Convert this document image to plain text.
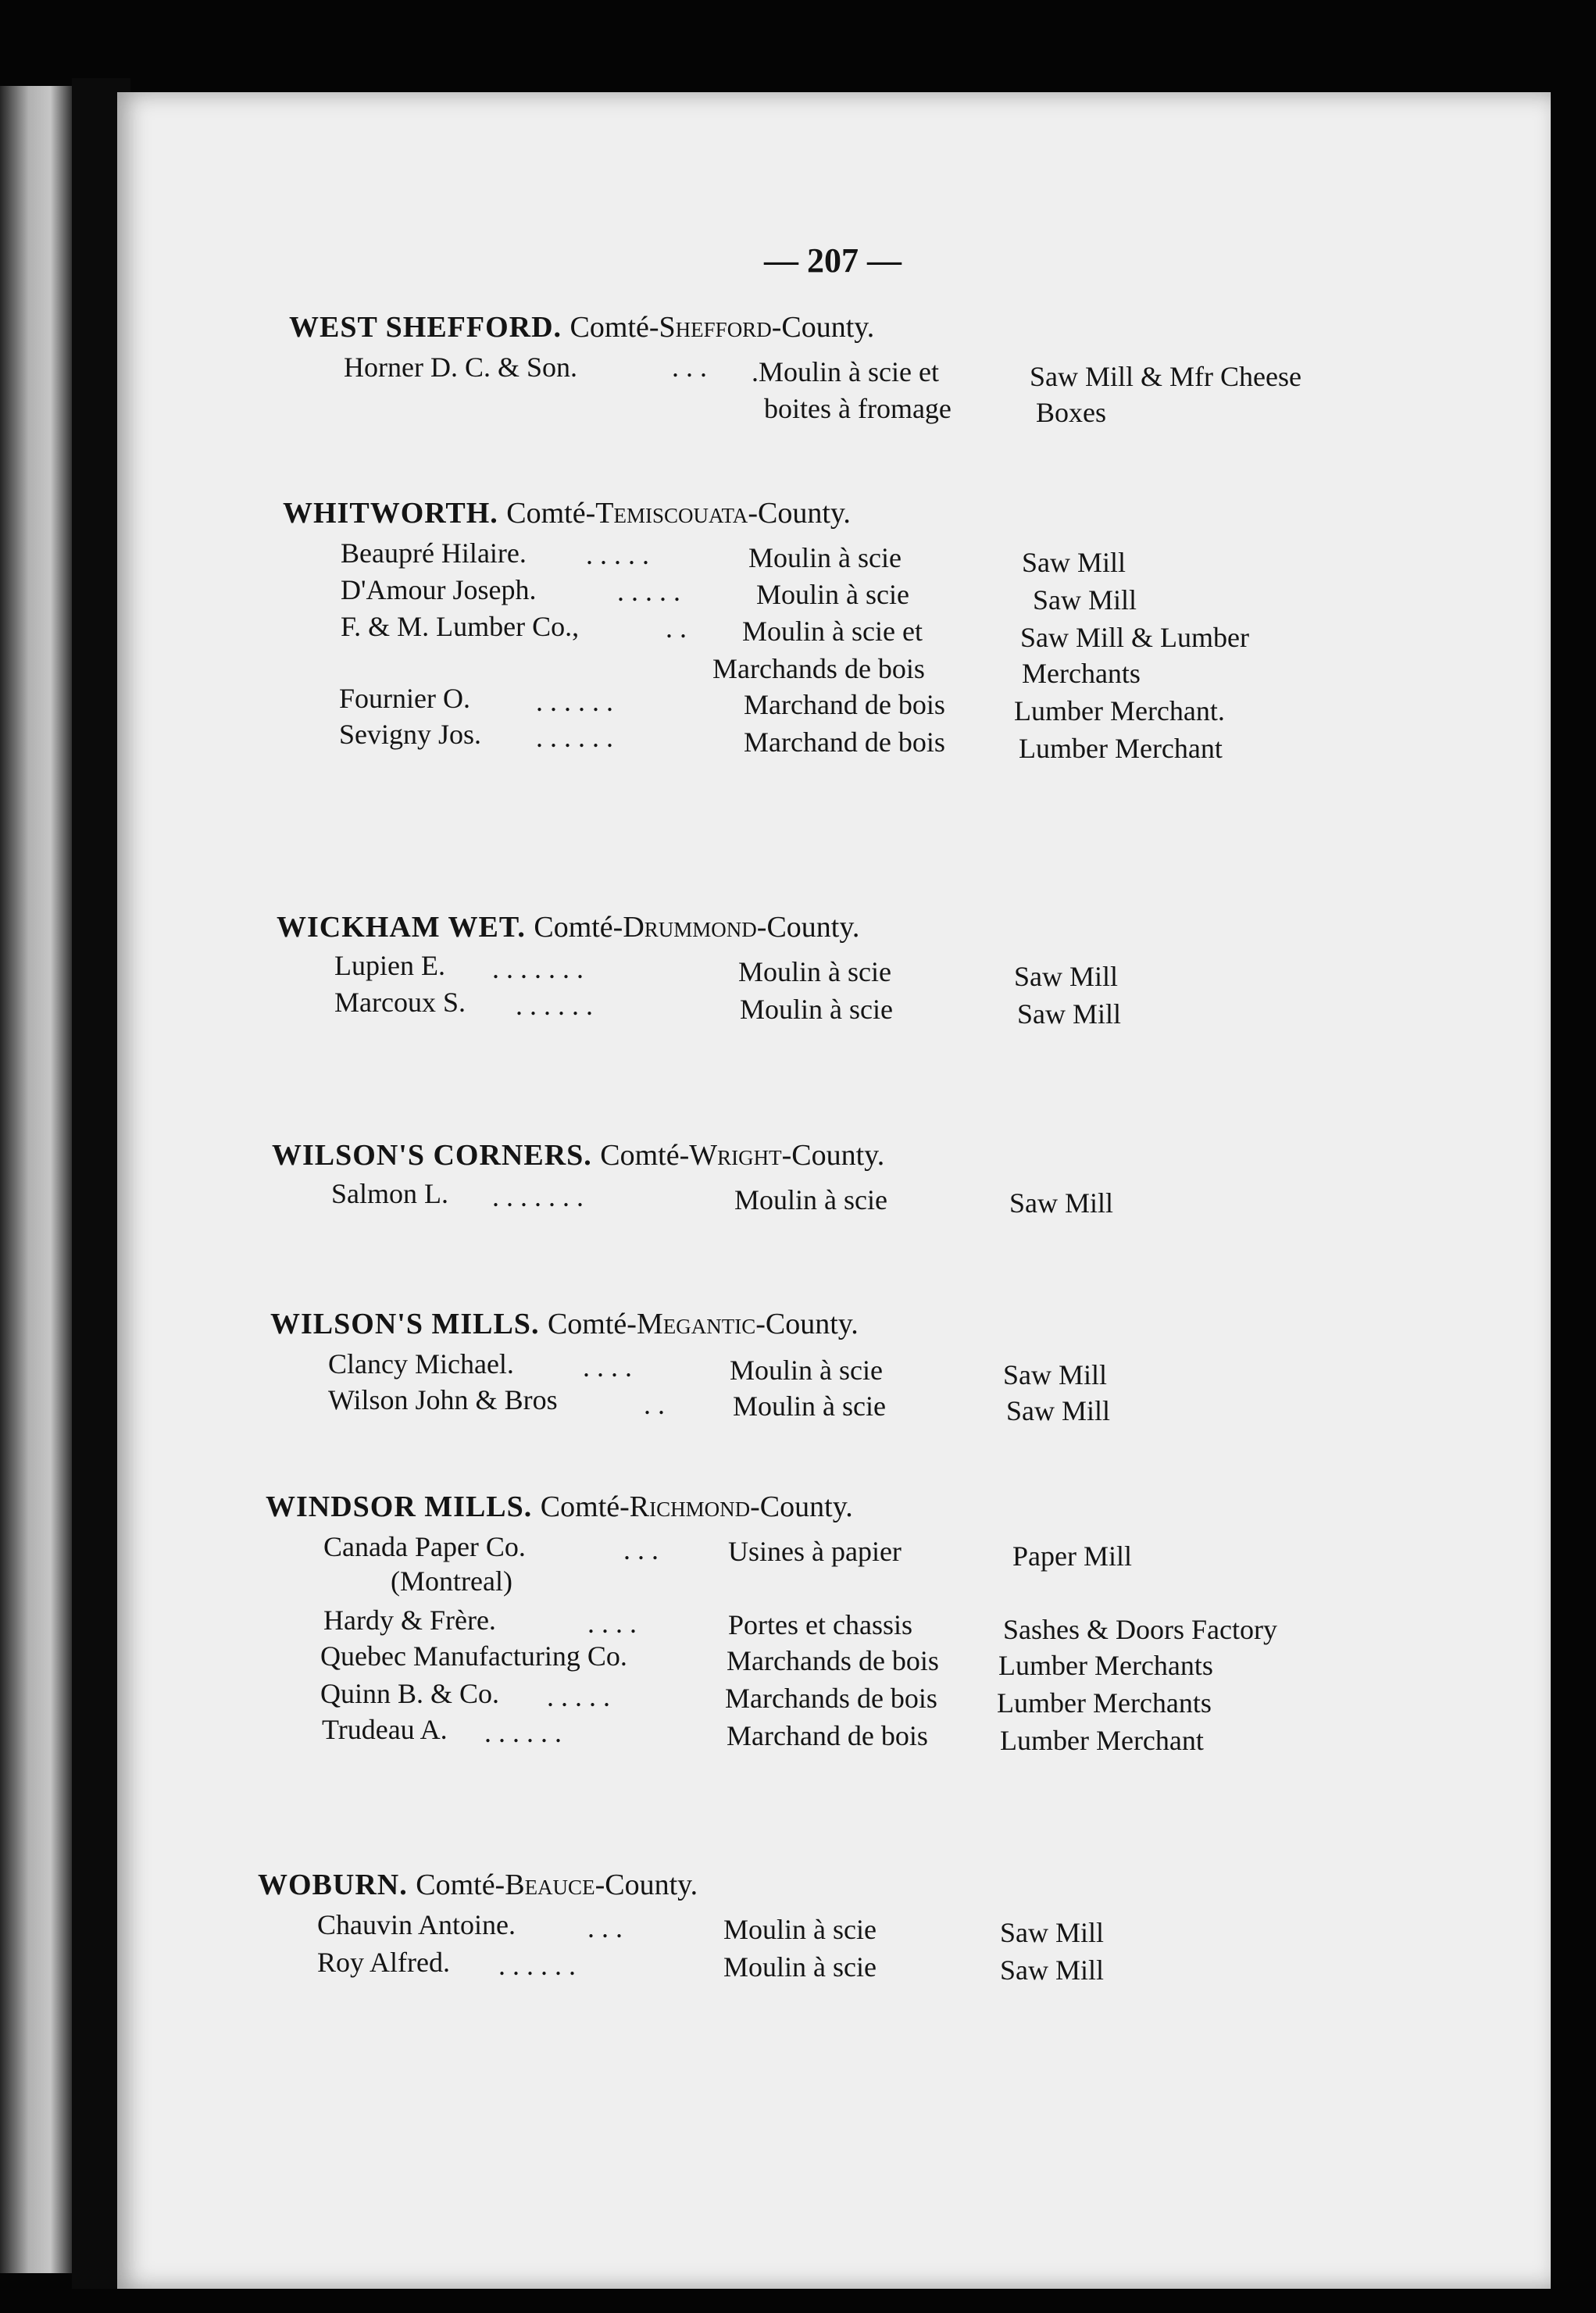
— 207 —
WEST SHEFFORD. Comté-Shefford-County.
Horner D. C. & Son.	. . . .Moulin à scie et	Saw Mill & Mfr Cheese
boites à fromage	Boxes
WHITWORTH. Comté-Temiscouata-County.
Beaupré Hilaire. . . . . .	Moulin à scie	Saw Mill
D'Amour Joseph.	. . . . .	Moulin à scie	Saw Mill
F. & M. Lumber Co.,	. . Moulin à scie et	Saw Mill & Lumber
Marchands de bois	Merchants
Fournier O. . . . . . .	Marchand de bois Lumber Merchant.
Sevigny Jos. . . . . . .	Marchand de bois	Lumber Merchant
WICKHAM WET. Comté-Drummond-County.
Lupien E. . . . . . . .	Moulin à scie	Saw Mill
Marcoux S. . . . . . .	Moulin à scie	Saw Mill
WILSON'S CORNERS. Comté-Wright-County.
Salmon L. . . . . . . .	Moulin à scie	Saw Mill
WILSON'S MILLS. Comté-Megantic-County.
Clancy Michael. . . . .	Moulin à scie	Saw Mill
Wilson John & Bros	. . Moulin à scie	Saw Mill
WINDSOR MILLS. Comté-Richmond-County.
Canada Paper Co.	. . . Usines à papier	Paper Mill
(Montreal)
Hardy & Frère.	. . . .	Portes et chassis	Sashes & Doors Factory
Quebec Manufacturing Co.	Marchands de bois Lumber Merchants
Quinn B. & Co. . . . . .	Marchands de bois Lumber Merchants
Trudeau A. . . . . . .	Marchand de bois	Lumber Merchant
WOBURN. Comté-Beauce-County.
Chauvin Antoine.	. . .	Moulin à scie	Saw Mill
Roy Alfred. . . . . . .	Moulin à scie	Saw Mill
